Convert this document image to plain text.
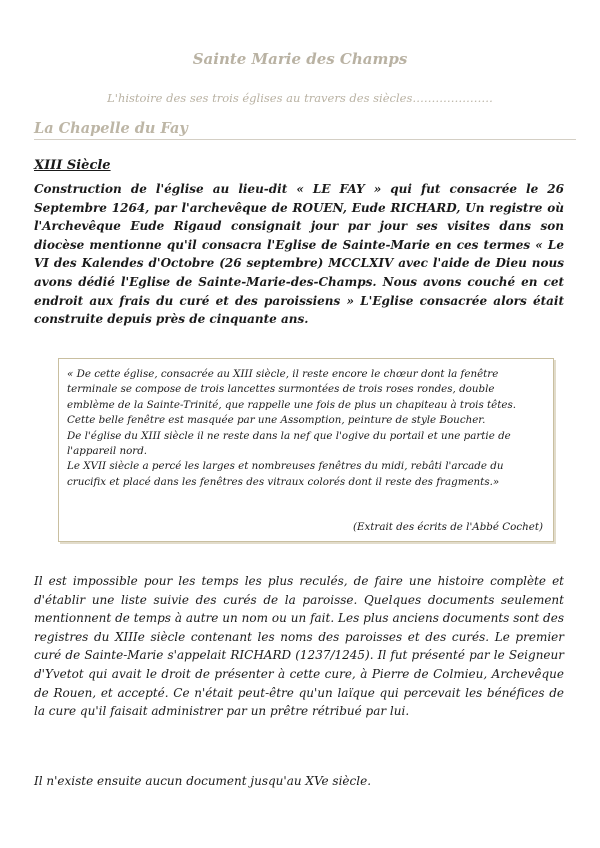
Sainte Marie des Champs
L'histoire des ses trois églises au travers des siècles…………………
La Chapelle du Fay
XIII Siècle
Construction de l'église au lieu-dit « LE FAY » qui fut consacrée le 26 Septembre 1264, par l'archevêque de ROUEN, Eude RICHARD, Un registre où l'Archevêque Eude Rigaud consignait jour par jour ses visites dans son diocèse mentionne qu'il consacra l'Eglise de Sainte-Marie en ces termes « Le VI des Kalendes d'Octobre (26 septembre) MCCLXIV avec l'aide de Dieu nous avons dédié l'Eglise de Sainte-Marie-des-Champs. Nous avons couché en cet endroit aux frais du curé et des paroissiens » L'Eglise consacrée alors était construite depuis près de cinquante ans.
« De cette église, consacrée au XIII siècle, il reste encore le chœur dont la fenêtre terminale se compose de trois lancettes surmontées de trois roses rondes, double emblème de la Sainte-Trinité, que rappelle une fois de plus un chapiteau à trois têtes.
Cette belle fenêtre est masquée par une Assomption, peinture de style Boucher.
De l'église du XIII siècle il ne reste dans la nef que l'ogive du portail et une partie de l'appareil nord.
Le XVII siècle a percé les larges et nombreuses fenêtres du midi, rebâti l'arcade du crucifix et placé dans les fenêtres des vitraux colorés dont il reste des fragments.»
(Extrait des écrits de l'Abbé Cochet)
Il est impossible pour les temps les plus reculés, de faire une histoire complète et d'établir une liste suivie des curés de la paroisse. Quelques documents seulement mentionnent de temps à autre un nom ou un fait. Les plus anciens documents sont des registres du XIIIe siècle contenant les noms des paroisses et des curés. Le premier curé de Sainte-Marie s'appelait RICHARD (1237/1245). Il fut présenté par le Seigneur d'Yvetot qui avait le droit de présenter à cette cure, à Pierre de Colmieu, Archevêque de Rouen, et accepté. Ce n'était peut-être qu'un laïque qui percevait les bénéfices de la cure qu'il faisait administrer par un prêtre rétribué par lui.
Il n'existe ensuite aucun document jusqu'au XVe siècle.
